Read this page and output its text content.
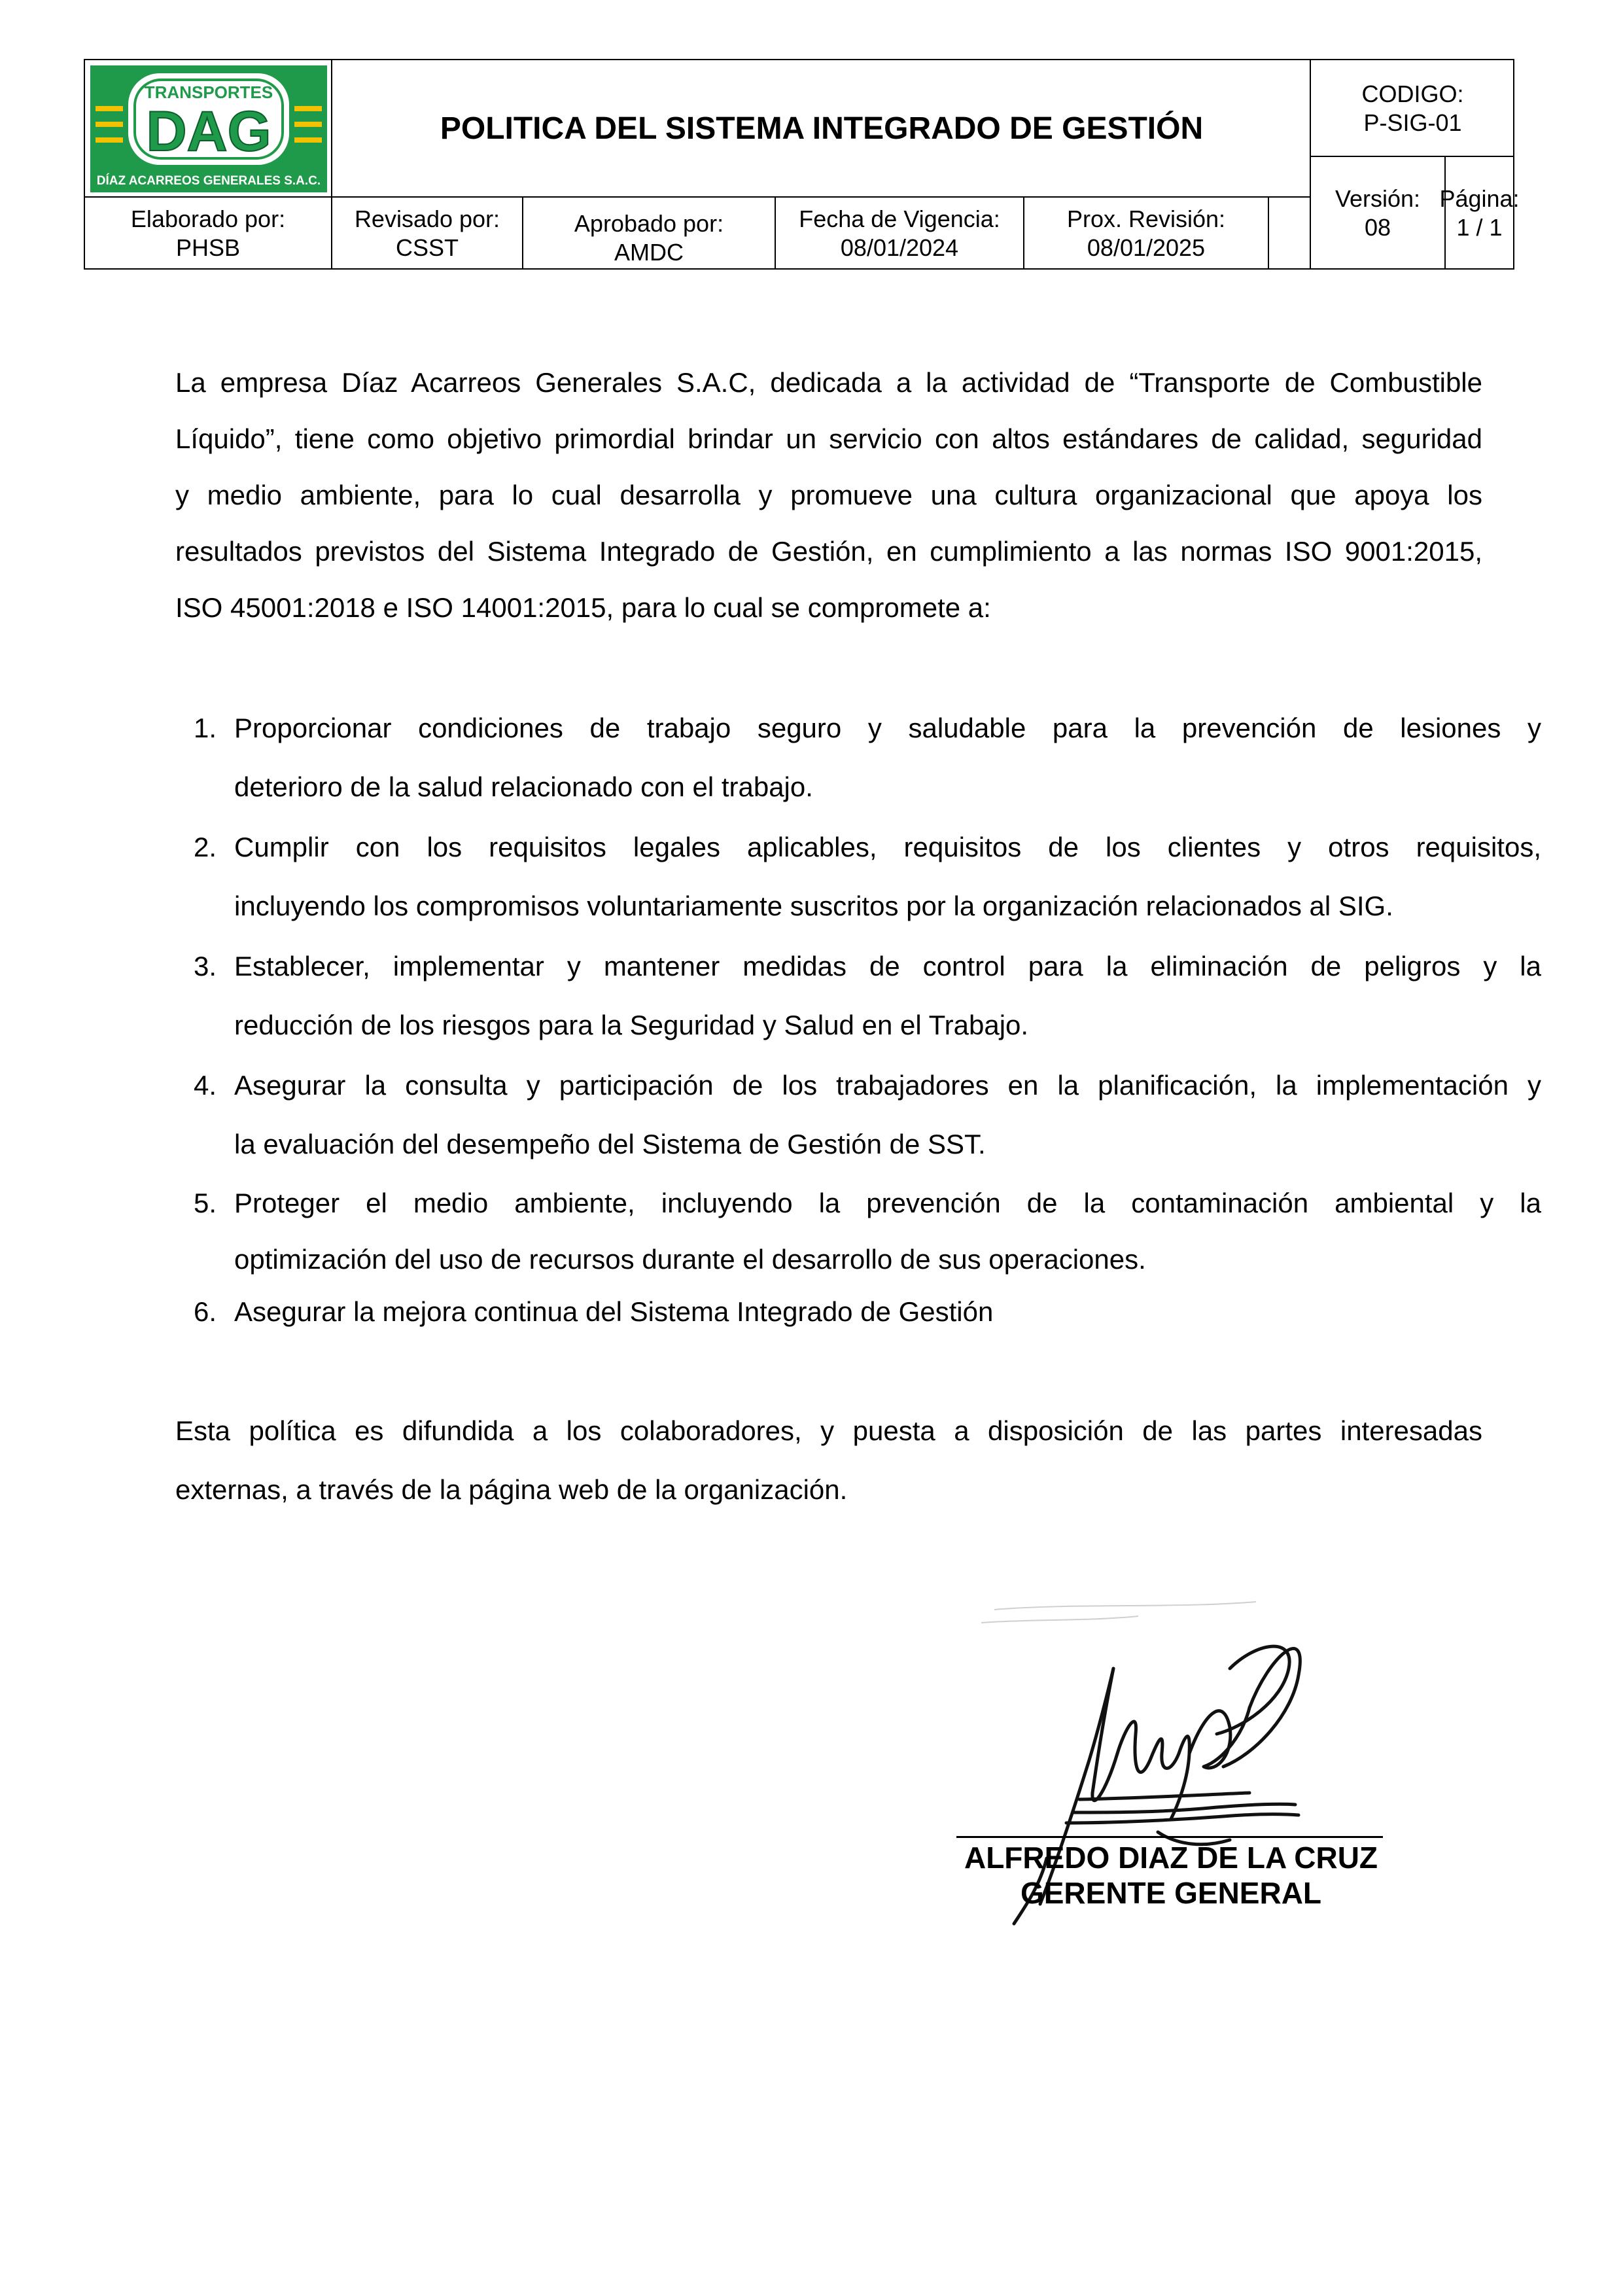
TRANSPORTES
DAG
DÍAZ ACARREOS GENERALES S.A.C.
POLITICA DEL SISTEMA INTEGRADO DE GESTIÓN
CODIGO:
P-SIG-01
Elaborado por:
PHSB
Revisado por:
CSST
Aprobado por:
AMDC
Fecha de Vigencia:
08/01/2024
Prox. Revisión:
08/01/2025
Versión:
08
Página:
1 / 1
La empresa Díaz Acarreos Generales S.A.C, dedicada a la actividad de “Transporte de Combustible
Líquido”, tiene como objetivo primordial brindar un servicio con altos estándares de calidad, seguridad
y medio ambiente, para lo cual desarrolla y promueve una cultura organizacional que apoya los
resultados previstos del Sistema Integrado de Gestión, en cumplimiento a las normas ISO 9001:2015,
ISO 45001:2018 e ISO 14001:2015, para lo cual se compromete a:
1. Proporcionar condiciones de trabajo seguro y saludable para la prevención de lesiones y
deterioro de la salud relacionado con el trabajo.
2. Cumplir con los requisitos legales aplicables, requisitos de los clientes y otros requisitos,
incluyendo los compromisos voluntariamente suscritos por la organización relacionados al SIG.
3. Establecer, implementar y mantener medidas de control para la eliminación de peligros y la
reducción de los riesgos para la Seguridad y Salud en el Trabajo.
4. Asegurar la consulta y participación de los trabajadores en la planificación, la implementación y
la evaluación del desempeño del Sistema de Gestión de SST.
5. Proteger el medio ambiente, incluyendo la prevención de la contaminación ambiental y la
optimización del uso de recursos durante el desarrollo de sus operaciones.
6. Asegurar la mejora continua del Sistema Integrado de Gestión
Esta política es difundida a los colaboradores, y puesta a disposición de las partes interesadas
externas, a través de la página web de la organización.
ALFREDO DIAZ DE LA CRUZ
GERENTE GENERAL
